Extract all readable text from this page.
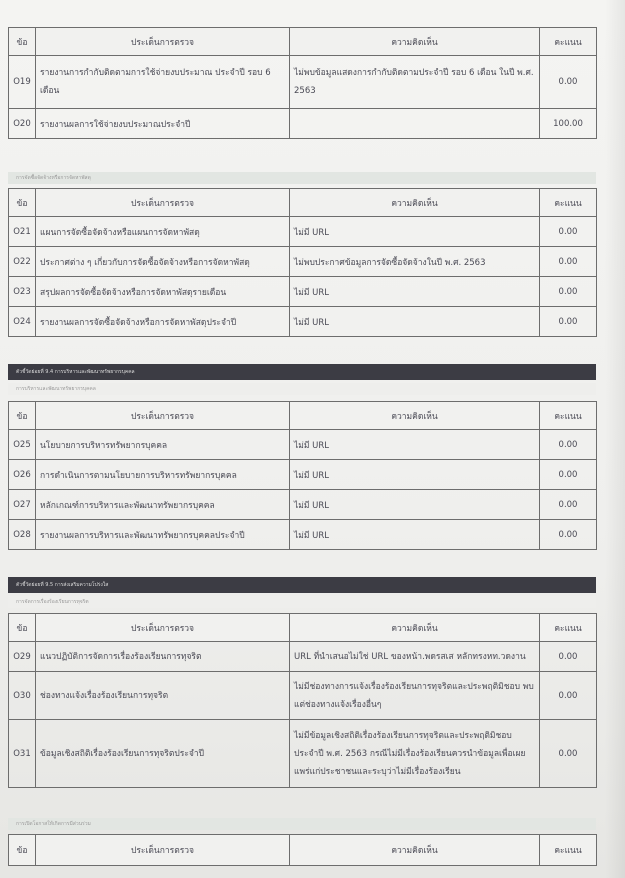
ข้อ	ประเด็นการตรวจ	ความคิดเห็น	คะแนน
O19	รายงานการกำกับติดตามการใช้จ่ายงบประมาณ ประจำปี รอบ 6 เดือน	ไม่พบข้อมูลแสดงการกำกับติดตามประจำปี รอบ 6 เดือน ในปี พ.ศ. 2563	0.00
O20	รายงานผลการใช้จ่ายงบประมาณประจำปี		100.00
การจัดซื้อจัดจ้างหรือการจัดหาพัสดุ
ข้อ	ประเด็นการตรวจ	ความคิดเห็น	คะแนน
O21	แผนการจัดซื้อจัดจ้างหรือแผนการจัดหาพัสดุ	ไม่มี URL	0.00
O22	ประกาศต่าง ๆ เกี่ยวกับการจัดซื้อจัดจ้างหรือการจัดหาพัสดุ	ไม่พบประกาศข้อมูลการจัดซื้อจัดจ้างในปี พ.ศ. 2563	0.00
O23	สรุปผลการจัดซื้อจัดจ้างหรือการจัดหาพัสดุรายเดือน	ไม่มี URL	0.00
O24	รายงานผลการจัดซื้อจัดจ้างหรือการจัดหาพัสดุประจำปี	ไม่มี URL	0.00
ตัวชี้วัดย่อยที่ 9.4 การบริหารและพัฒนาทรัพยากรบุคคล
การบริหารและพัฒนาทรัพยากรบุคคล
ข้อ	ประเด็นการตรวจ	ความคิดเห็น	คะแนน
O25	นโยบายการบริหารทรัพยากรบุคคล	ไม่มี URL	0.00
O26	การดำเนินการตามนโยบายการบริหารทรัพยากรบุคคล	ไม่มี URL	0.00
O27	หลักเกณฑ์การบริหารและพัฒนาทรัพยากรบุคคล	ไม่มี URL	0.00
O28	รายงานผลการบริหารและพัฒนาทรัพยากรบุคคลประจำปี	ไม่มี URL	0.00
ตัวชี้วัดย่อยที่ 9.5 การส่งเสริมความโปร่งใส
การจัดการเรื่องร้องเรียนการทุจริต
ข้อ	ประเด็นการตรวจ	ความคิดเห็น	คะแนน
O29	แนวปฏิบัติการจัดการเรื่องร้องเรียนการทุจริต	URL ที่นำเสนอไม่ใช่ URL ของหน้า.พดรสเส หลักทรงหท.วดงาน	0.00
O30	ช่องทางแจ้งเรื่องร้องเรียนการทุจริต	ไม่มีช่องทางการแจ้งเรื่องร้องเรียนการทุจริตและประพฤติมิชอบ พบแต่ช่องทางแจ้งเรื่องอื่นๆ	0.00
O31	ข้อมูลเชิงสถิติเรื่องร้องเรียนการทุจริตประจำปี	ไม่มีข้อมูลเชิงสถิติเรื่องร้องเรียนการทุจริตและประพฤติมิชอบ ประจำปี พ.ศ. 2563 กรณีไม่มีเรื่องร้องเรียนควรนำข้อมูลเพื่อเผยแพร่แก่ประชาชนและระบุว่าไม่มีเรื่องร้องเรียน	0.00
การเปิดโอกาสให้เกิดการมีส่วนร่วม
ข้อ	ประเด็นการตรวจ	ความคิดเห็น	คะแนน
